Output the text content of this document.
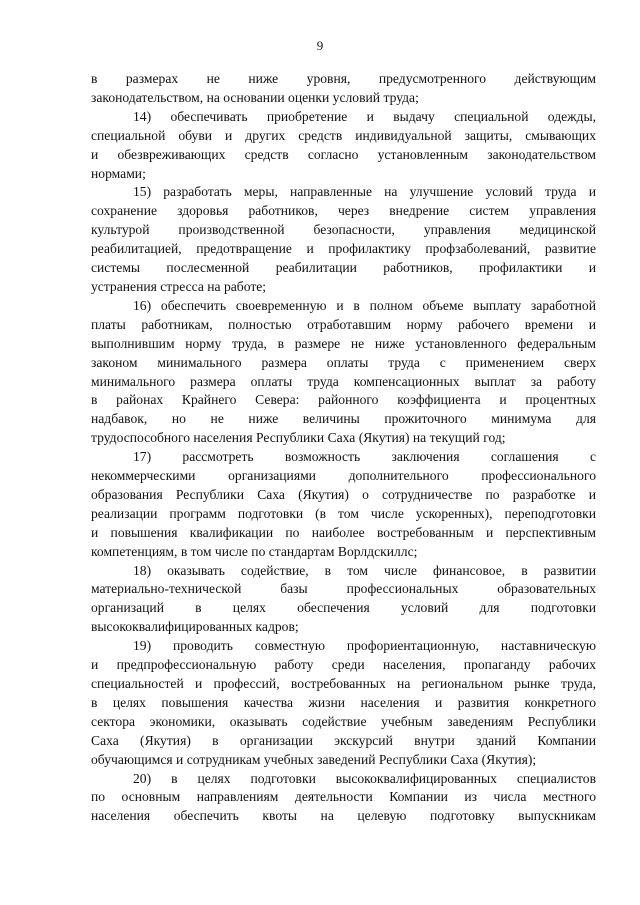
9
в размерах не ниже уровня, предусмотренного действующим
законодательством, на основании оценки условий труда;
14) обеспечивать приобретение и выдачу специальной одежды,
специальной обуви и других средств индивидуальной защиты, смывающих
и обезвреживающих средств согласно установленным законодательством
нормами;
15) разработать меры, направленные на улучшение условий труда и
сохранение здоровья работников, через внедрение систем управления
культурой производственной безопасности, управления медицинской
реабилитацией, предотвращение и профилактику профзаболеваний, развитие
системы послесменной реабилитации работников, профилактики и
устранения стресса на работе;
16) обеспечить своевременную и в полном объеме выплату заработной
платы работникам, полностью отработавшим норму рабочего времени и
выполнившим норму труда, в размере не ниже установленного федеральным
законом минимального размера оплаты труда с применением сверх
минимального размера оплаты труда компенсационных выплат за работу
в районах Крайнего Севера: районного коэффициента и процентных
надбавок, но не ниже величины прожиточного минимума для
трудоспособного населения Республики Саха (Якутия) на текущий год;
17) рассмотреть возможность заключения соглашения с
некоммерческими организациями дополнительного профессионального
образования Республики Саха (Якутия) о сотрудничестве по разработке и
реализации программ подготовки (в том числе ускоренных), переподготовки
и повышения квалификации по наиболее востребованным и перспективным
компетенциям, в том числе по стандартам Ворлдскиллс;
18) оказывать содействие, в том числе финансовое, в развитии
материально-технической базы профессиональных образовательных
организаций в целях обеспечения условий для подготовки
высококвалифицированных кадров;
19) проводить совместную профориентационную, наставническую
и предпрофессиональную работу среди населения, пропаганду рабочих
специальностей и профессий, востребованных на региональном рынке труда,
в целях повышения качества жизни населения и развития конкретного
сектора экономики, оказывать содействие учебным заведениям Республики
Саха (Якутия) в организации экскурсий внутри зданий Компании
обучающимся и сотрудникам учебных заведений Республики Саха (Якутия);
20) в целях подготовки высококвалифицированных специалистов
по основным направлениям деятельности Компании из числа местного
населения обеспечить квоты на целевую подготовку выпускникам
